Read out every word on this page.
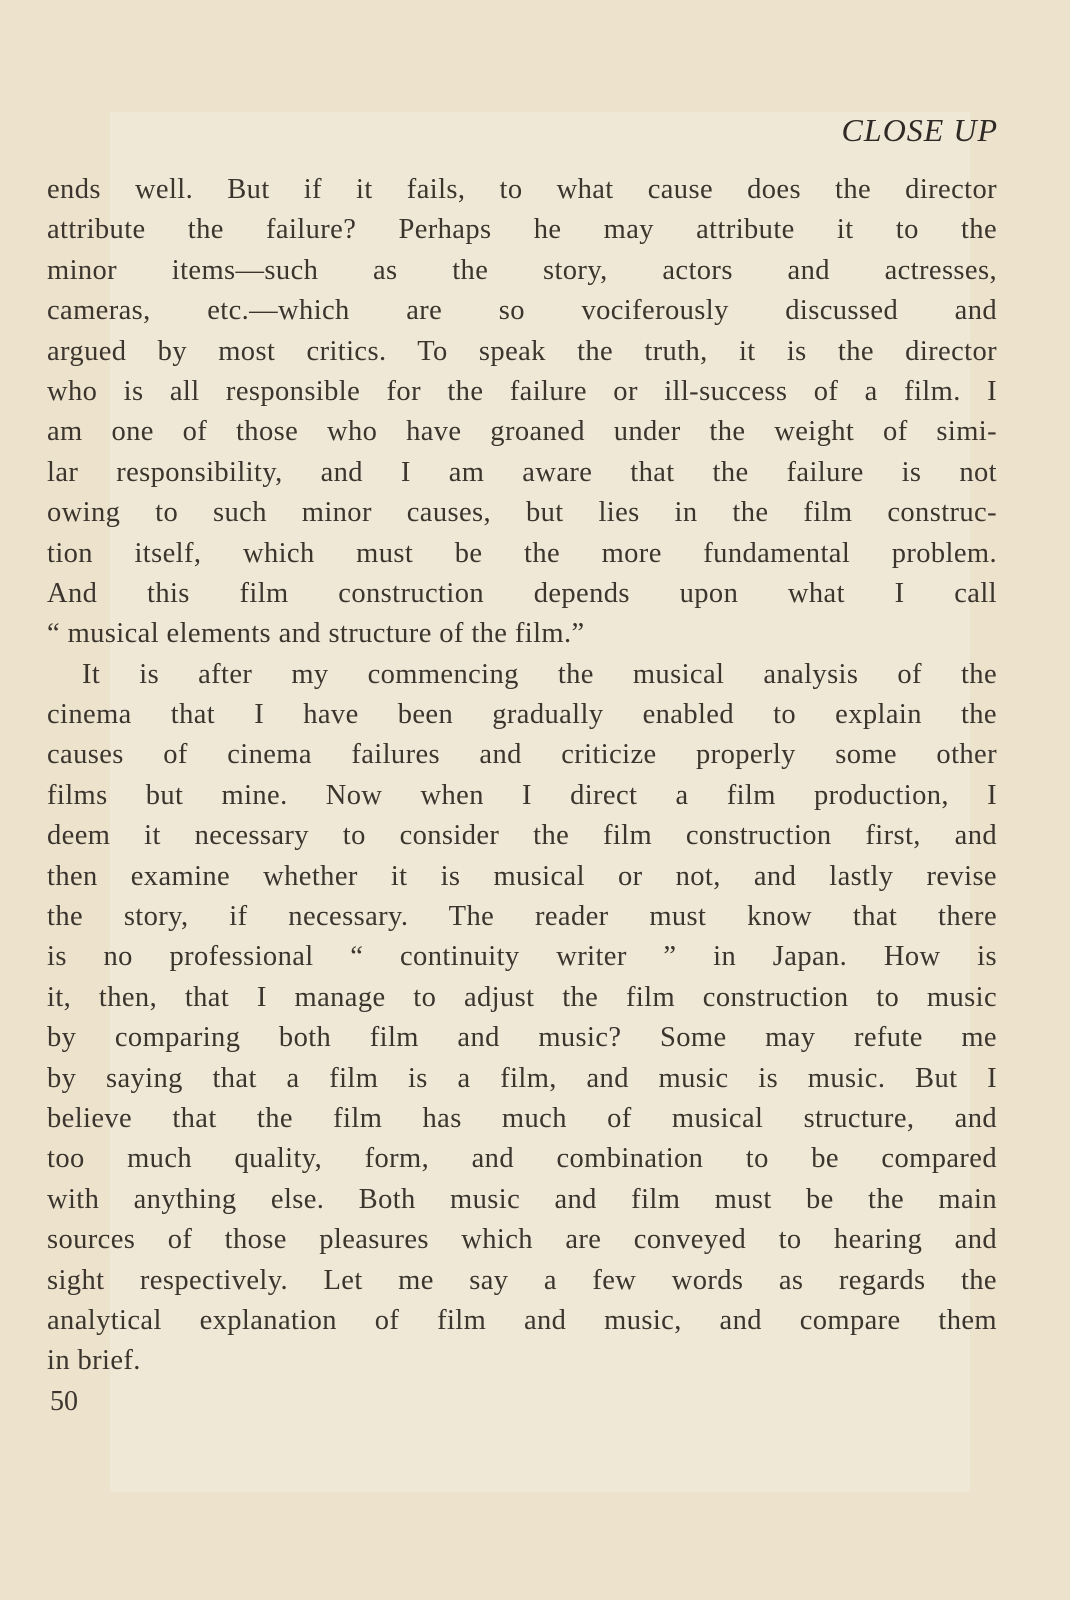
CLOSE UP
ends well. But if it fails, to what cause does the director
attribute the failure? Perhaps he may attribute it to the
minor items—such as the story, actors and actresses,
cameras, etc.—which are so vociferously discussed and
argued by most critics. To speak the truth, it is the director
who is all responsible for the failure or ill-success of a film. I
am one of those who have groaned under the weight of simi-
lar responsibility, and I am aware that the failure is not
owing to such minor causes, but lies in the film construc-
tion itself, which must be the more fundamental problem.
And this film construction depends upon what I call
“ musical elements and structure of the film.”
It is after my commencing the musical analysis of the
cinema that I have been gradually enabled to explain the
causes of cinema failures and criticize properly some other
films but mine. Now when I direct a film production, I
deem it necessary to consider the film construction first, and
then examine whether it is musical or not, and lastly revise
the story, if necessary. The reader must know that there
is no professional “ continuity writer ” in Japan. How is
it, then, that I manage to adjust the film construction to music
by comparing both film and music? Some may refute me
by saying that a film is a film, and music is music. But I
believe that the film has much of musical structure, and
too much quality, form, and combination to be compared
with anything else. Both music and film must be the main
sources of those pleasures which are conveyed to hearing and
sight respectively. Let me say a few words as regards the
analytical explanation of film and music, and compare them
in brief.
50
